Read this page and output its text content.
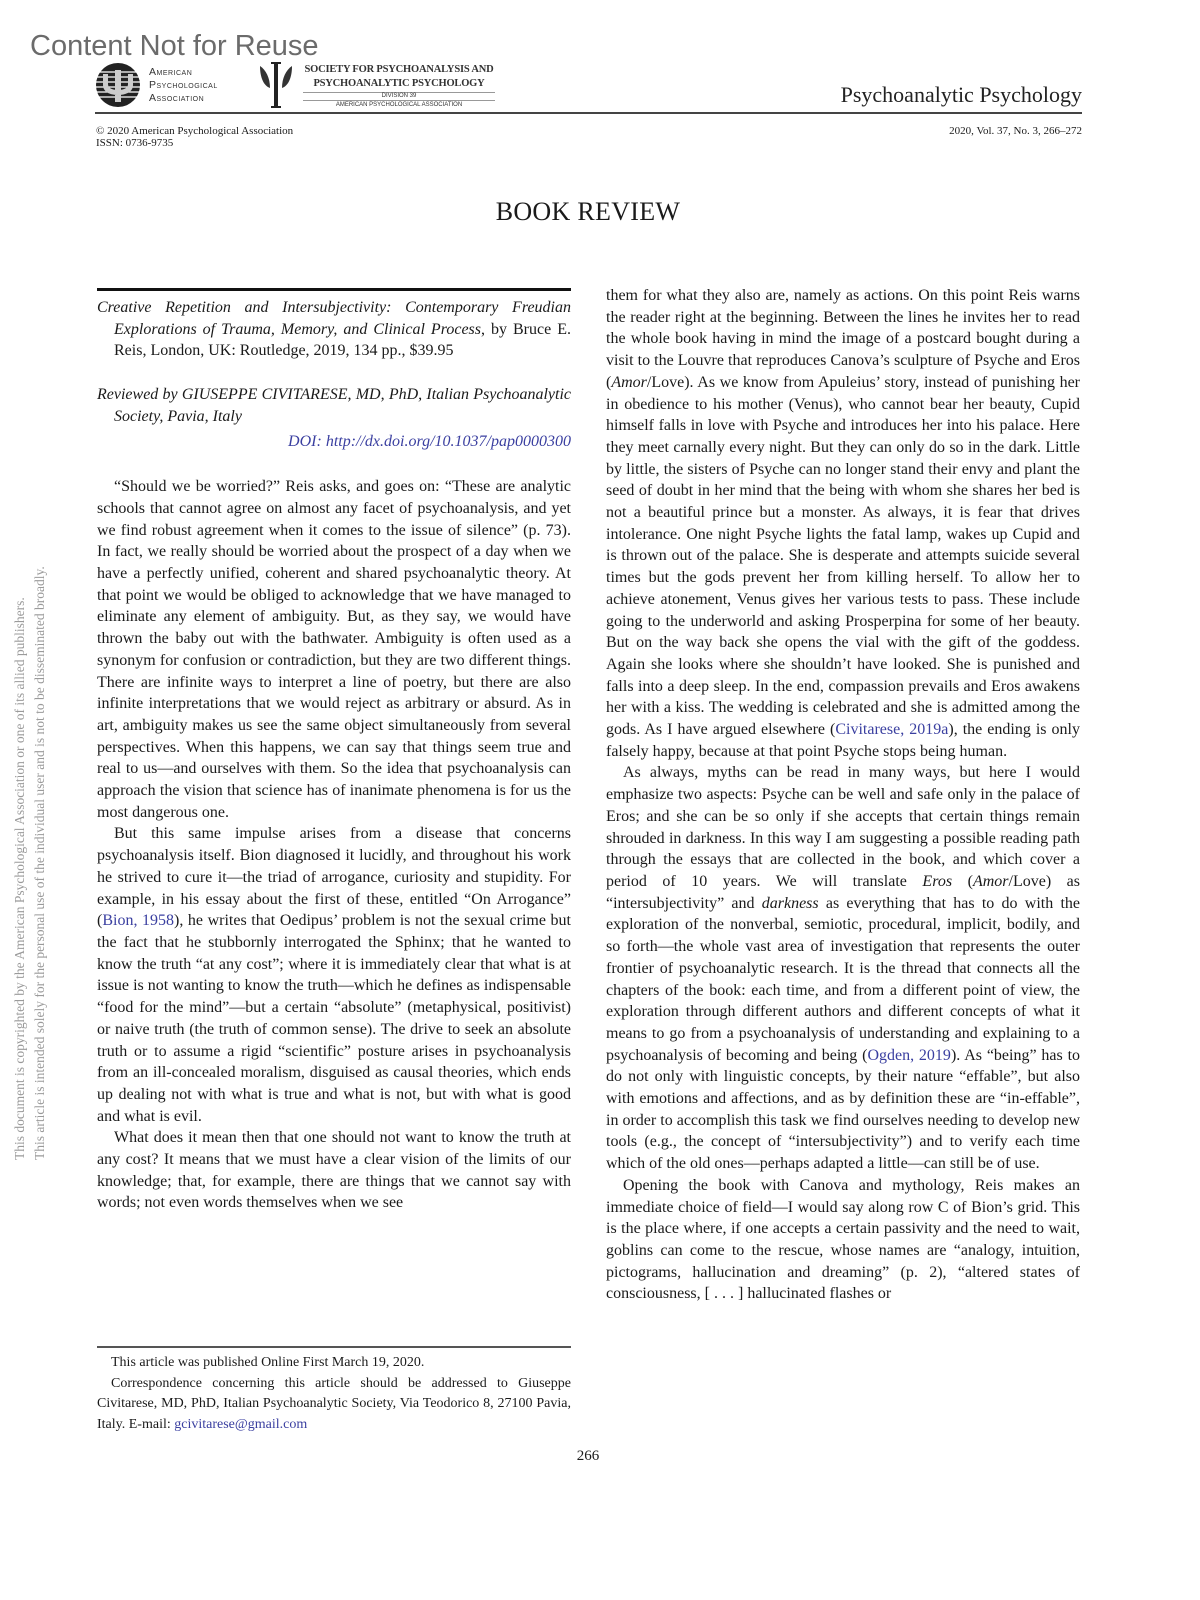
Content Not for Reuse
American
Psychological
Association
SOCIETY FOR PSYCHOANALYSIS AND
PSYCHOANALYTIC PSYCHOLOGY
DIVISION 39
AMERICAN PSYCHOLOGICAL ASSOCIATION	Psychoanalytic Psychology
© 2020 American Psychological Association
ISSN: 0736-9735
2020, Vol. 37, No. 3, 266–272
BOOK REVIEW
This document is copyrighted by the American Psychological Association or one of its allied publishers. This article is intended solely for the personal use of the individual user and is not to be disseminated broadly.
Creative Repetition and Intersubjectivity: Contemporary Freudian Explorations of Trauma, Memory, and Clinical Process, by Bruce E. Reis, London, UK: Routledge, 2019, 134 pp., $39.95
Reviewed by GIUSEPPE CIVITARESE, MD, PhD, Italian Psychoanalytic Society, Pavia, Italy
DOI: http://dx.doi.org/10.1037/pap0000300

“Should we be worried?” Reis asks, and goes on: “These are analytic schools that cannot agree on almost any facet of psychoanalysis, and yet we find robust agreement when it comes to the issue of silence” (p. 73). In fact, we really should be worried about the prospect of a day when we have a perfectly unified, coherent and shared psychoanalytic theory. At that point we would be obliged to acknowledge that we have managed to eliminate any element of ambiguity. But, as they say, we would have thrown the baby out with the bathwater. Ambiguity is often used as a synonym for confusion or contradiction, but they are two different things. There are infinite ways to interpret a line of poetry, but there are also infinite interpretations that we would reject as arbitrary or absurd. As in art, ambiguity makes us see the same object simultaneously from several perspectives. When this happens, we can say that things seem true and real to us—and ourselves with them. So the idea that psychoanalysis can approach the vision that science has of inanimate phenomena is for us the most dangerous one.

But this same impulse arises from a disease that concerns psychoanalysis itself. Bion diagnosed it lucidly, and throughout his work he strived to cure it—the triad of arrogance, curiosity and stupidity. For example, in his essay about the first of these, entitled “On Arrogance” (Bion, 1958), he writes that Oedipus’ problem is not the sexual crime but the fact that he stubbornly interrogated the Sphinx; that he wanted to know the truth “at any cost”; where it is immediately clear that what is at issue is not wanting to know the truth—which he defines as indispensable “food for the mind”—but a certain “absolute” (metaphysical, positivist) or naive truth (the truth of common sense). The drive to seek an absolute truth or to assume a rigid “scientific” posture arises in psychoanalysis from an ill-concealed moralism, disguised as causal theories, which ends up dealing not with what is true and what is not, but with what is good and what is evil.

What does it mean then that one should not want to know the truth at any cost? It means that we must have a clear vision of the limits of our knowledge; that, for example, there are things that we cannot say with words; not even words themselves when we see

them for what they also are, namely as actions. On this point Reis warns the reader right at the beginning. Between the lines he invites her to read the whole book having in mind the image of a postcard bought during a visit to the Louvre that reproduces Canova’s sculpture of Psyche and Eros (Amor/Love). As we know from Apuleius’ story, instead of punishing her in obedience to his mother (Venus), who cannot bear her beauty, Cupid himself falls in love with Psyche and introduces her into his palace. Here they meet carnally every night. But they can only do so in the dark. Little by little, the sisters of Psyche can no longer stand their envy and plant the seed of doubt in her mind that the being with whom she shares her bed is not a beautiful prince but a monster. As always, it is fear that drives intolerance. One night Psyche lights the fatal lamp, wakes up Cupid and is thrown out of the palace. She is desperate and attempts suicide several times but the gods prevent her from killing herself. To allow her to achieve atonement, Venus gives her various tests to pass. These include going to the underworld and asking Prosperpina for some of her beauty. But on the way back she opens the vial with the gift of the goddess. Again she looks where she shouldn’t have looked. She is punished and falls into a deep sleep. In the end, compassion prevails and Eros awakens her with a kiss. The wedding is celebrated and she is admitted among the gods. As I have argued elsewhere (Civitarese, 2019a), the ending is only falsely happy, because at that point Psyche stops being human.

As always, myths can be read in many ways, but here I would emphasize two aspects: Psyche can be well and safe only in the palace of Eros; and she can be so only if she accepts that certain things remain shrouded in darkness. In this way I am suggesting a possible reading path through the essays that are collected in the book, and which cover a period of 10 years. We will translate Eros (Amor/Love) as “intersubjectivity” and darkness as everything that has to do with the exploration of the nonverbal, semiotic, procedural, implicit, bodily, and so forth—the whole vast area of investigation that represents the outer frontier of psychoanalytic research. It is the thread that connects all the chapters of the book: each time, and from a different point of view, the exploration through different authors and different concepts of what it means to go from a psychoanalysis of understanding and explaining to a psychoanalysis of becoming and being (Ogden, 2019). As “being” has to do not only with linguistic concepts, by their nature “effable”, but also with emotions and affections, and as by definition these are “in-effable”, in order to accomplish this task we find ourselves needing to develop new tools (e.g., the concept of “intersubjectivity”) and to verify each time which of the old ones—perhaps adapted a little—can still be of use.

Opening the book with Canova and mythology, Reis makes an immediate choice of field—I would say along row C of Bion’s grid. This is the place where, if one accepts a certain passivity and the need to wait, goblins can come to the rescue, whose names are “analogy, intuition, pictograms, hallucination and dreaming” (p. 2), “altered states of consciousness, [ . . . ] hallucinated flashes or

This article was published Online First March 19, 2020.

Correspondence concerning this article should be addressed to Giuseppe Civitarese, MD, PhD, Italian Psychoanalytic Society, Via Teodorico 8, 27100 Pavia, Italy. E-mail: gcivitarese@gmail.com

266
